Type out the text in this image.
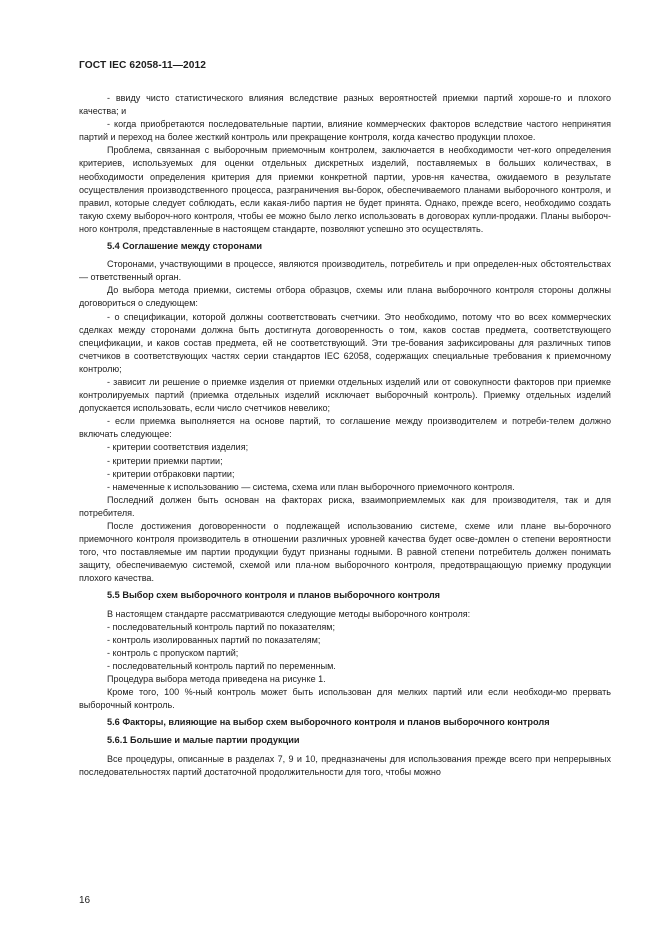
ГОСТ IEC 62058-11—2012

- ввиду чисто статистического влияния вследствие разных вероятностей приемки партий хороше-го и плохого качества; и

- когда приобретаются последовательные партии, влияние коммерческих факторов вследствие частого непринятия партий и переход на более жесткий контроль или прекращение контроля, когда качество продукции плохое.

Проблема, связанная с выборочным приемочным контролем, заключается в необходимости чет-кого определения критериев, используемых для оценки отдельных дискретных изделий, поставляемых в больших количествах, в необходимости определения критерия для приемки конкретной партии, уров-ня качества, ожидаемого в результате осуществления производственного процесса, разграничения вы-борок, обеспечиваемого планами выборочного контроля, и правил, которые следует соблюдать, если какая-либо партия не будет принята. Однако, прежде всего, необходимо создать такую схему выбороч-ного контроля, чтобы ее можно было легко использовать в договорах купли-продажи. Планы выбороч-ного контроля, представленные в настоящем стандарте, позволяют успешно это осуществлять.

5.4 Соглашение между сторонами

Сторонами, участвующими в процессе, являются производитель, потребитель и при определен-ных обстоятельствах — ответственный орган.

До выбора метода приемки, системы отбора образцов, схемы или плана выборочного контроля стороны должны договориться о следующем:

- о спецификации, которой должны соответствовать счетчики. Это необходимо, потому что во всех коммерческих сделках между сторонами должна быть достигнута договоренность о том, каков состав предмета, соответствующего спецификации, и каков состав предмета, ей не соответствующий. Эти тре-бования зафиксированы для различных типов счетчиков в соответствующих частях серии стандартов IEC 62058, содержащих специальные требования к приемочному контролю;

- зависит ли решение о приемке изделия от приемки отдельных изделий или от совокупности факторов при приемке контролируемых партий (приемка отдельных изделий исключает выборочный контроль). Приемку отдельных изделий допускается использовать, если число счетчиков невелико;

- если приемка выполняется на основе партий, то соглашение между производителем и потреби-телем должно включать следующее:

- критерии соответствия изделия;

- критерии приемки партии;

- критерии отбраковки партии;

- намеченные к использованию — система, схема или план выборочного приемочного контроля.

Последний должен быть основан на факторах риска, взаимоприемлемых как для производителя, так и для потребителя.

После достижения договоренности о подлежащей использованию системе, схеме или плане вы-борочного приемочного контроля производитель в отношении различных уровней качества будет осве-домлен о степени вероятности того, что поставляемые им партии продукции будут признаны годными. В равной степени потребитель должен понимать защиту, обеспечиваемую системой, схемой или пла-ном выборочного контроля, предотвращающую приемку продукции плохого качества.

5.5 Выбор схем выборочного контроля и планов выборочного контроля

В настоящем стандарте рассматриваются следующие методы выборочного контроля:

- последовательный контроль партий по показателям;

- контроль изолированных партий по показателям;

- контроль с пропуском партий;

- последовательный контроль партий по переменным.

Процедура выбора метода приведена на рисунке 1.

Кроме того, 100 %-ный контроль может быть использован для мелких партий или если необходи-мо прервать выборочный контроль.

5.6 Факторы, влияющие на выбор схем выборочного контроля и планов выборочного контроля
5.6.1 Большие и малые партии продукции

Все процедуры, описанные в разделах 7, 9 и 10, предназначены для использования прежде всего при непрерывных последовательностях партий достаточной продолжительности для того, чтобы можно

16
